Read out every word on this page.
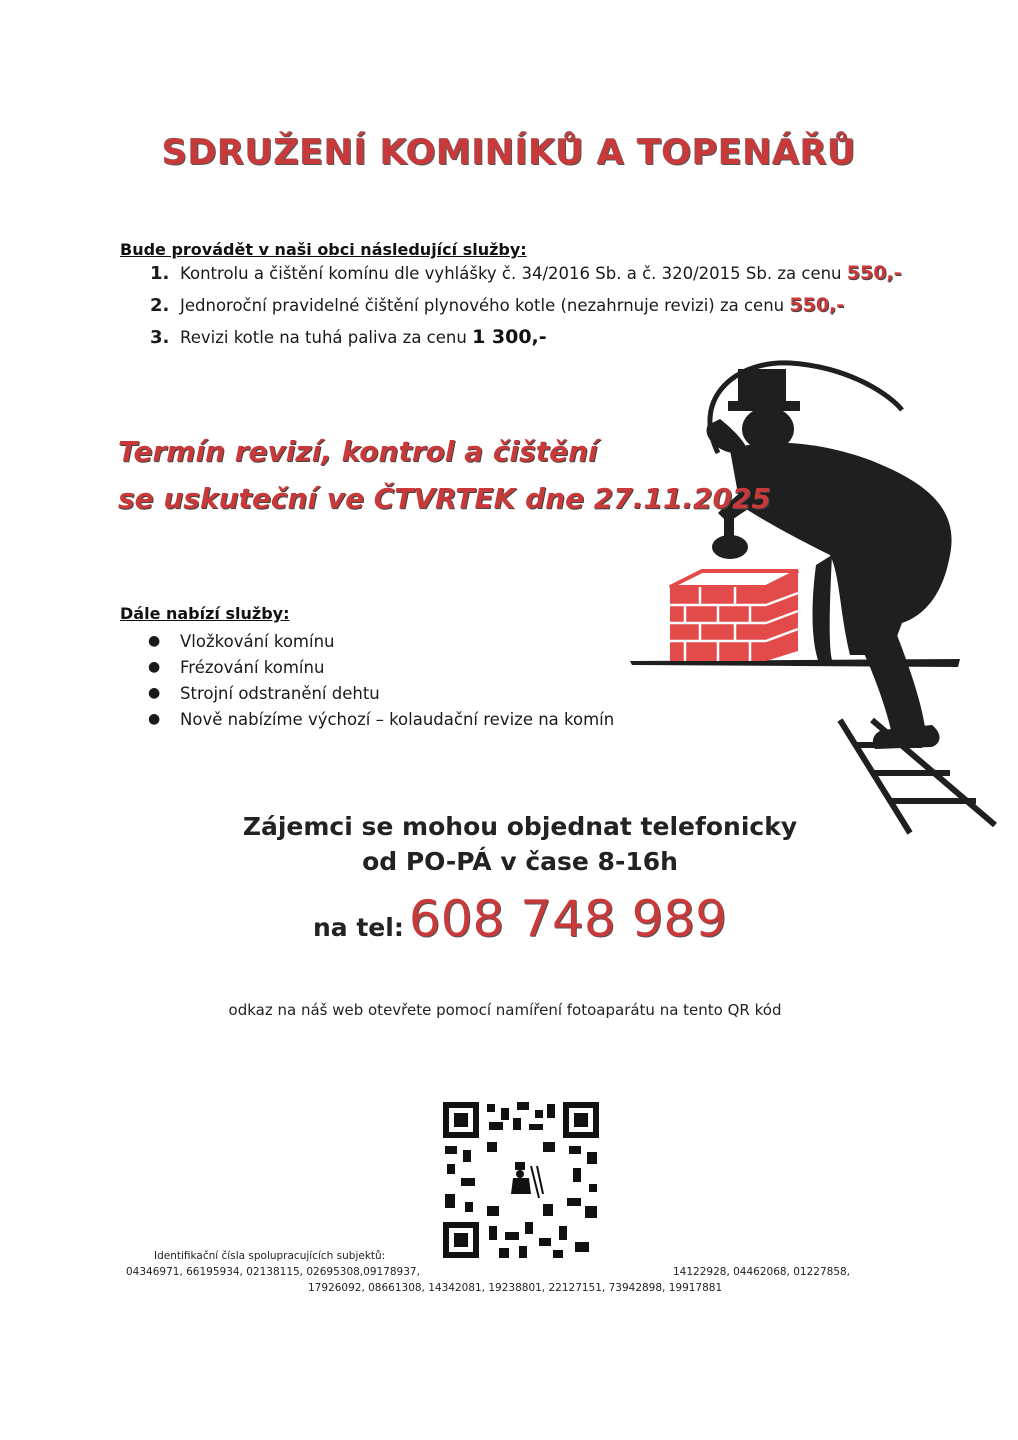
SDRUŽENÍ KOMINÍKŮ A TOPENÁŘŮ
Bude provádět v naši obci následující služby:
1. Kontrolu a čištění komínu dle vyhlášky č. 34/2016 Sb. a č. 320/2015 Sb. za cenu
550,-
2. Jednoroční pravidelné čištění plynového kotle (nezahrnuje revizi) za cenu
550,-
3. Revizi kotle na tuhá paliva za cenu
1 300,-
Termín revizí, kontrol a čištění
se uskuteční ve ČTVRTEK dne 27.11.2025
Dále nabízí služby:
●	Vložkování komínu
●	Frézování komínu
●	Strojní odstranění dehtu
●	Nově nabízíme výchozí – kolaudační revize na komín
Zájemci se mohou objednat telefonicky
od PO-PÁ v čase 8-16h
na tel: 608 748 989
odkaz na náš web otevřete pomocí namíření fotoaparátu na tento QR kód
Identifikační čísla spolupracujících subjektů:
04346971, 66195934, 02138115, 02695308,09178937,	14122928, 04462068, 01227858,
17926092, 08661308, 14342081, 19238801, 22127151, 73942898, 19917881
